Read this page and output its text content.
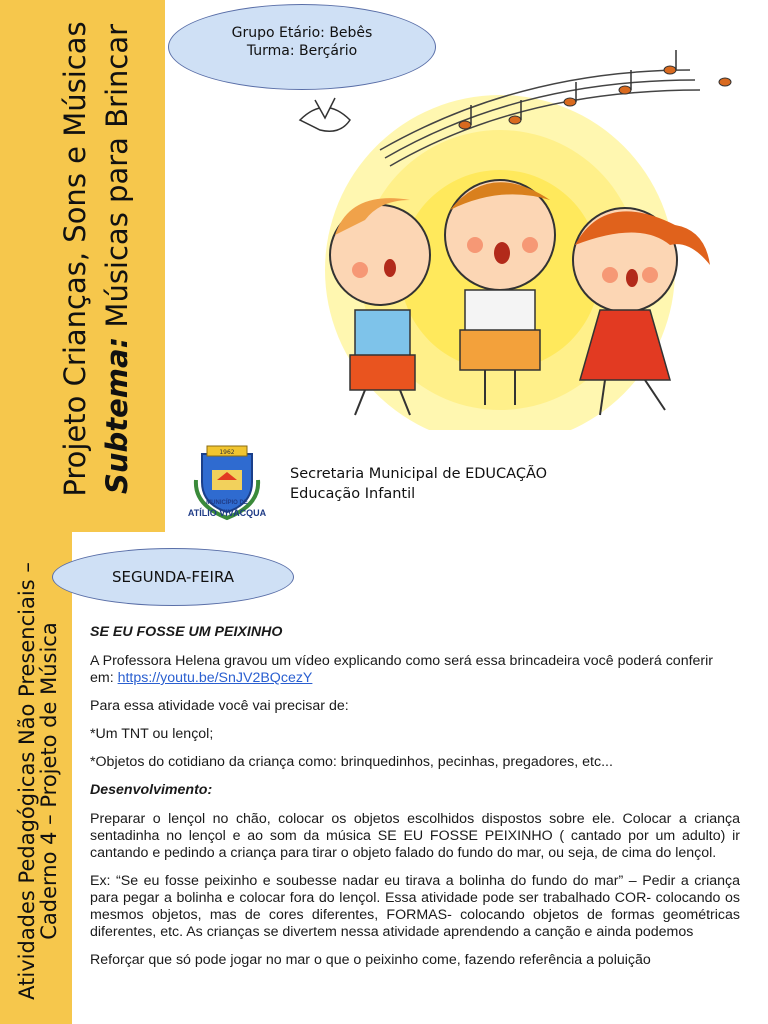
Projeto Crianças, Sons e Músicas Subtema: Músicas para Brincar
Atividades Pedagógicas Não Presenciais –
Caderno 4 – Projeto de Música
Grupo Etário: Bebês
Turma: Berçário
1962
MUNICÍPIO DE
ATÍLIO VIVACQUA
Secretaria Municipal de EDUCAÇÃO
Educação Infantil
SEGUNDA-FEIRA

SE EU FOSSE UM PEIXINHO

A Professora Helena gravou um vídeo explicando como será essa brincadeira você poderá conferir em: https://youtu.be/SnJV2BQcezY

Para essa atividade você vai precisar de:

*Um TNT ou lençol;

*Objetos do cotidiano da criança como: brinquedinhos, pecinhas, pregadores, etc...

Desenvolvimento:

Preparar o lençol no chão, colocar os objetos escolhidos dispostos sobre ele. Colocar a criança sentadinha no lençol e ao som da música SE EU FOSSE PEIXINHO ( cantado por um adulto) ir cantando e pedindo a criança para tirar o objeto falado do fundo do mar, ou seja, de cima do lençol.

Ex: “Se eu fosse peixinho e soubesse nadar eu tirava a bolinha do fundo do mar” – Pedir a criança para pegar a bolinha e colocar fora do lençol. Essa atividade pode ser trabalhado COR- colocando os mesmos objetos, mas de cores diferentes, FORMAS- colocando objetos de formas geométricas diferentes, etc. As crianças se divertem nessa atividade aprendendo a canção e ainda podemos

Reforçar que só pode jogar no mar o que o peixinho come, fazendo referência a poluição
